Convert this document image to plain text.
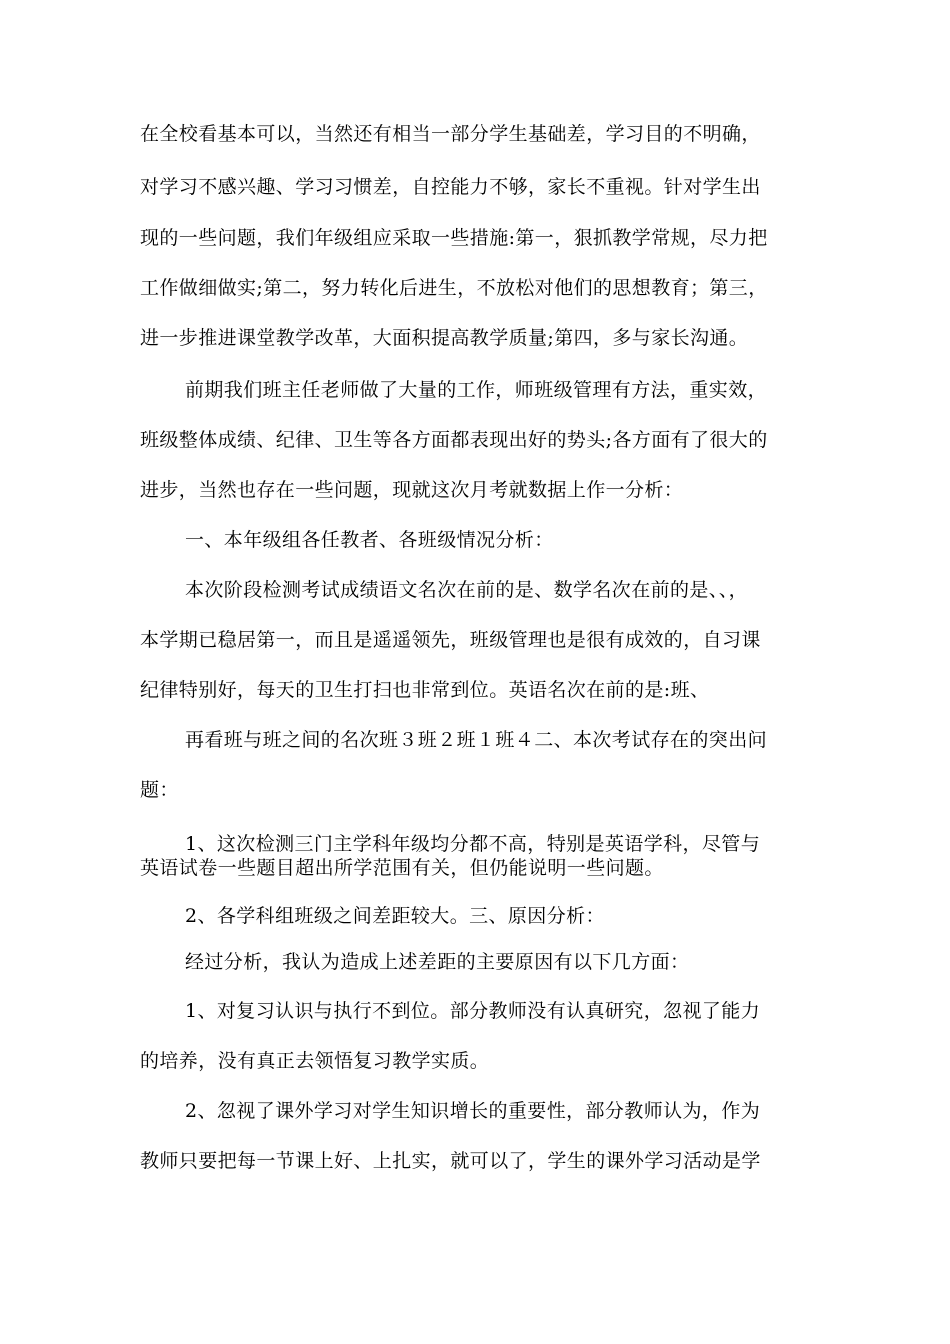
在全校看基本可以，当然还有相当一部分学生基础差，学习目的不明确，
对学习不感兴趣、学习习惯差，自控能力不够，家长不重视。针对学生出
现的一些问题，我们年级组应采取一些措施:第一，狠抓教学常规，尽力把
工作做细做实;第二，努力转化后进生，不放松对他们的思想教育；第三，
进一步推进课堂教学改革，大面积提高教学质量;第四，多与家长沟通。
前期我们班主任老师做了大量的工作，师班级管理有方法，重实效，
班级整体成绩、纪律、卫生等各方面都表现出好的势头;各方面有了很大的
进步，当然也存在一些问题，现就这次月考就数据上作一分析：
一、本年级组各任教者、各班级情况分析：
本次阶段检测考试成绩语文名次在前的是、数学名次在前的是、、，
本学期已稳居第一，而且是遥遥领先，班级管理也是很有成效的，自习课
纪律特别好，每天的卫生打扫也非常到位。英语名次在前的是:班、
再看班与班之间的名次班３班２班１班４二、本次考试存在的突出问
题：
1、这次检测三门主学科年级均分都不高，特别是英语学科，尽管与
英语试卷一些题目超出所学范围有关，但仍能说明一些问题。
2、各学科组班级之间差距较大。三、原因分析：
经过分析，我认为造成上述差距的主要原因有以下几方面：
1、对复习认识与执行不到位。部分教师没有认真研究，忽视了能力
的培养，没有真正去领悟复习教学实质。
2、忽视了课外学习对学生知识增长的重要性，部分教师认为，作为
教师只要把每一节课上好、上扎实，就可以了，学生的课外学习活动是学
